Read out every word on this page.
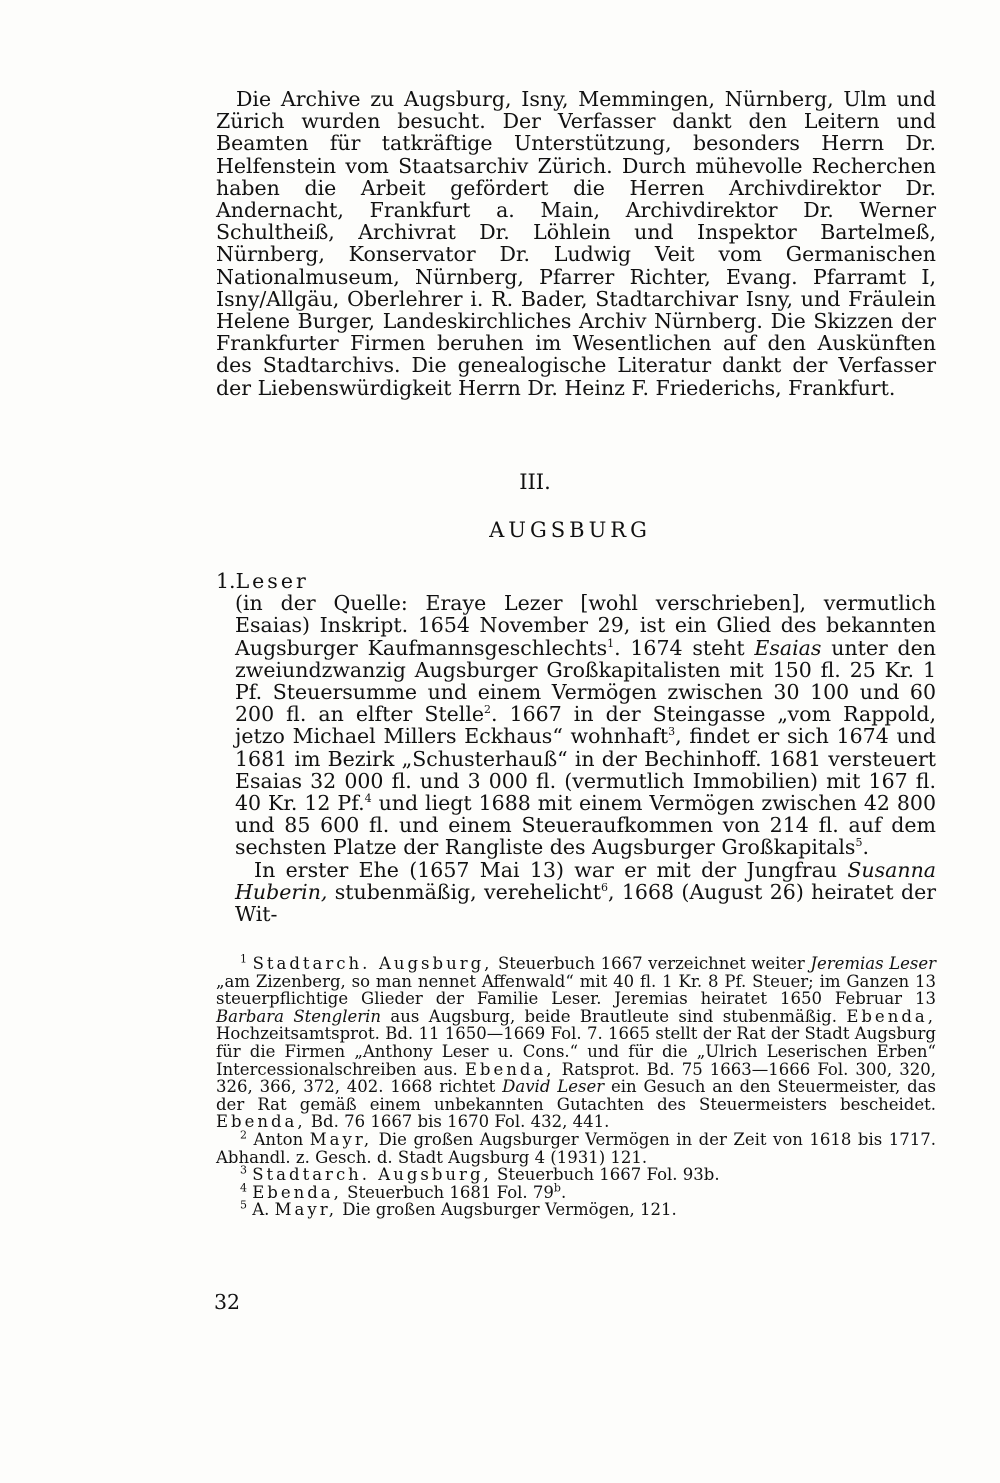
Die Archive zu Augsburg, Isny, Memmingen, Nürnberg, Ulm und Zürich wurden besucht. Der Verfasser dankt den Leitern und Beamten für tatkräftige Unterstützung, besonders Herrn Dr. Helfenstein vom Staatsarchiv Zürich. Durch mühevolle Recherchen haben die Arbeit gefördert die Herren Archivdirektor Dr. Andernacht, Frankfurt a. Main, Archivdirektor Dr. Werner Schultheiß, Archivrat Dr. Löhlein und Inspektor Bartelmeß, Nürnberg, Konservator Dr. Ludwig Veit vom Germanischen Nationalmuseum, Nürnberg, Pfarrer Richter, Evang. Pfarramt I, Isny/Allgäu, Oberlehrer i. R. Bader, Stadtarchivar Isny, und Fräulein Helene Burger, Landeskirchliches Archiv Nürnberg. Die Skizzen der Frankfurter Firmen beruhen im Wesentlichen auf den Auskünften des Stadtarchivs. Die genealogische Literatur dankt der Verfasser der Liebenswürdigkeit Herrn Dr. Heinz F. Friederichs, Frankfurt.

III.
AUGSBURG

1.Leser

(in der Quelle: Eraye Lezer [wohl verschrieben], vermutlich Esaias) Inskript. 1654 November 29, ist ein Glied des bekannten Augsburger Kaufmannsgeschlechts$^1$. 1674 steht Esaias unter den zweiundzwanzig Augsburger Großkapitalisten mit 150 fl. 25 Kr. 1 Pf. Steuersumme und einem Vermögen zwischen 30 100 und 60 200 fl. an elfter Stelle$^2$. 1667 in der Steingasse „vom Rappold, jetzo Michael Millers Eckhaus“ wohnhaft$^3$, findet er sich 1674 und 1681 im Bezirk „Schusterhauß“ in der Bechinhoff. 1681 versteuert Esaias 32 000 fl. und 3 000 fl. (vermutlich Immobilien) mit 167 fl. 40 Kr. 12 Pf.$^4$ und liegt 1688 mit einem Vermögen zwischen 42 800 und 85 600 fl. und einem Steueraufkommen von 214 fl. auf dem sechsten Platze der Rangliste des Augsburger Großkapitals$^5$.

In erster Ehe (1657 Mai 13) war er mit der Jungfrau Susanna Huberin, stubenmäßig, verehelicht$^6$, 1668 (August 26) heiratet der Wit-

$^1$ Stadtarch. Augsburg, Steuerbuch 1667 verzeichnet weiter Jeremias Leser „am Zizenberg, so man nennet Affenwald“ mit 40 fl. 1 Kr. 8 Pf. Steuer; im Ganzen 13 steuerpflichtige Glieder der Familie Leser. Jeremias heiratet 1650 Februar 13 Barbara Stenglerin aus Augsburg, beide Brautleute sind stubenmäßig. Ebenda, Hochzeitsamtsprot. Bd. 11 1650—1669 Fol. 7. 1665 stellt der Rat der Stadt Augsburg für die Firmen „Anthony Leser u. Cons.“ und für die „Ulrich Leserischen Erben“ Intercessionalschreiben aus. Ebenda, Ratsprot. Bd. 75 1663—1666 Fol. 300, 320, 326, 366, 372, 402. 1668 richtet David Leser ein Gesuch an den Steuermeister, das der Rat gemäß einem unbekannten Gutachten des Steuermeisters bescheidet. Ebenda, Bd. 76 1667 bis 1670 Fol. 432, 441.

$^2$ Anton Mayr, Die großen Augsburger Vermögen in der Zeit von 1618 bis 1717. Abhandl. z. Gesch. d. Stadt Augsburg 4 (1931) 121.

$^3$ Stadtarch. Augsburg, Steuerbuch 1667 Fol. 93b.

$^4$ Ebenda, Steuerbuch 1681 Fol. 79$^b$.

$^5$ A. Mayr, Die großen Augsburger Vermögen, 121.

32
